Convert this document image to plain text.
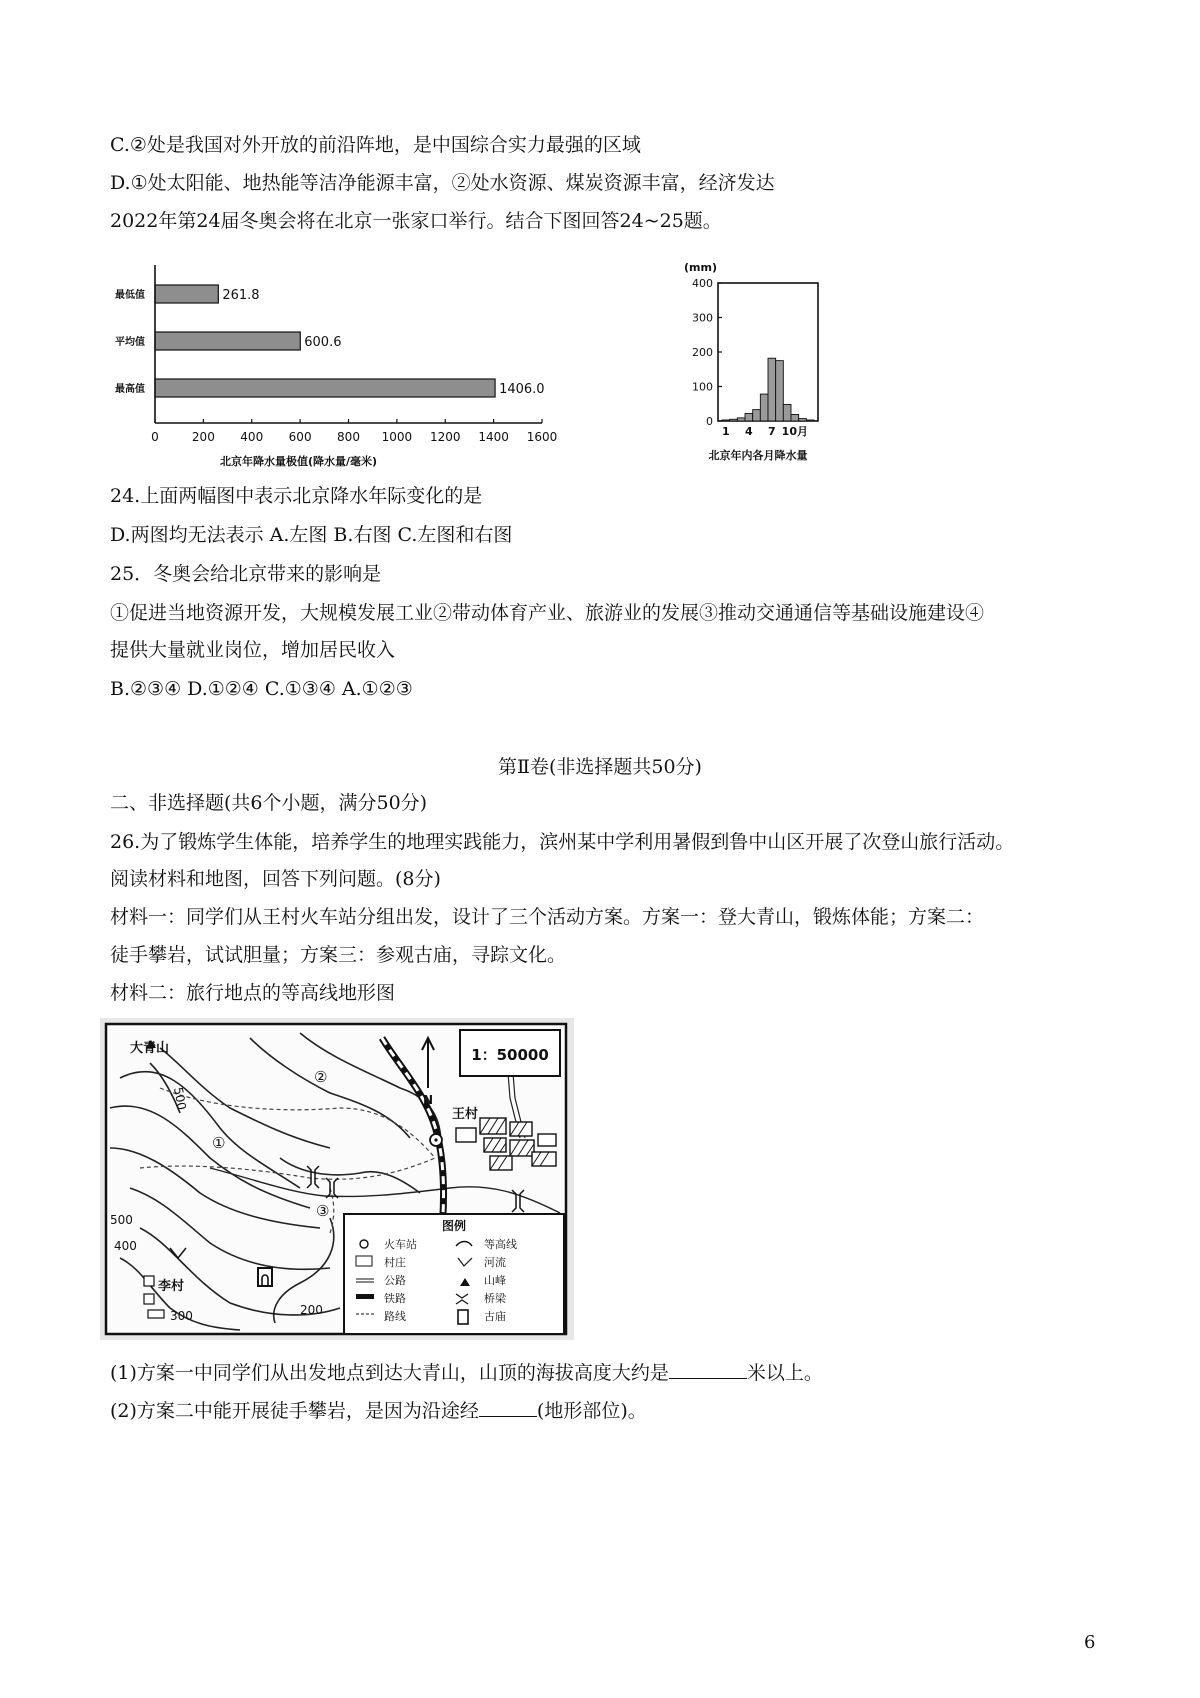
C.②处是我国对外开放的前沿阵地，是中国综合实力最强的区域
D.①处太阳能、地热能等洁净能源丰富，②处水资源、煤炭资源丰富，经济发达
2022年第24届冬奥会将在北京一张家口举行。结合下图回答24~25题。
最低值	261.8
平均值	600.6
最高值	1406.0
0	200 400 600 800 1000 1200 1400 1600
北京年降水量极值(降水量/毫米)
(mm)
0
100
200
300
400
1 4 7 10月
北京年内各月降水量
24.上面两幅图中表示北京降水年际变化的是
D.两图均无法表示 A.左图 B.右图 C.左图和右图
25．冬奥会给北京带来的影响是
①促进当地资源开发，大规模发展工业②带动体育产业、旅游业的发展③推动交通通信等基础设施建设④
提供大量就业岗位，增加居民收入
B.②③④ D.①②④ C.①③④ A.①②③
第Ⅱ卷(非选择题共50分)
二、非选择题(共6个小题，满分50分)
26.为了锻炼学生体能，培养学生的地理实践能力，滨州某中学利用暑假到鲁中山区开展了次登山旅行活动。
阅读材料和地图，回答下列问题。(8分)
材料一：同学们从王村火车站分组出发，设计了三个活动方案。方案一：登大青山，锻炼体能；方案二：
徒手攀岩，试试胆量；方案三：参观古庙，寻踪文化。
材料二：旅行地点的等高线地形图
1：50000
N
大青山
王村
李村
①
②
③
500
500
400
300	200
图例
火车站	等高线
村庄	河流
公路	山峰
铁路	桥梁
路线	古庙
(1)方案一中同学们从出发地点到达大青山，山顶的海拔高度大约是	米以上。
(2)方案二中能开展徒手攀岩，是因为沿途经	(地形部位)。
6
